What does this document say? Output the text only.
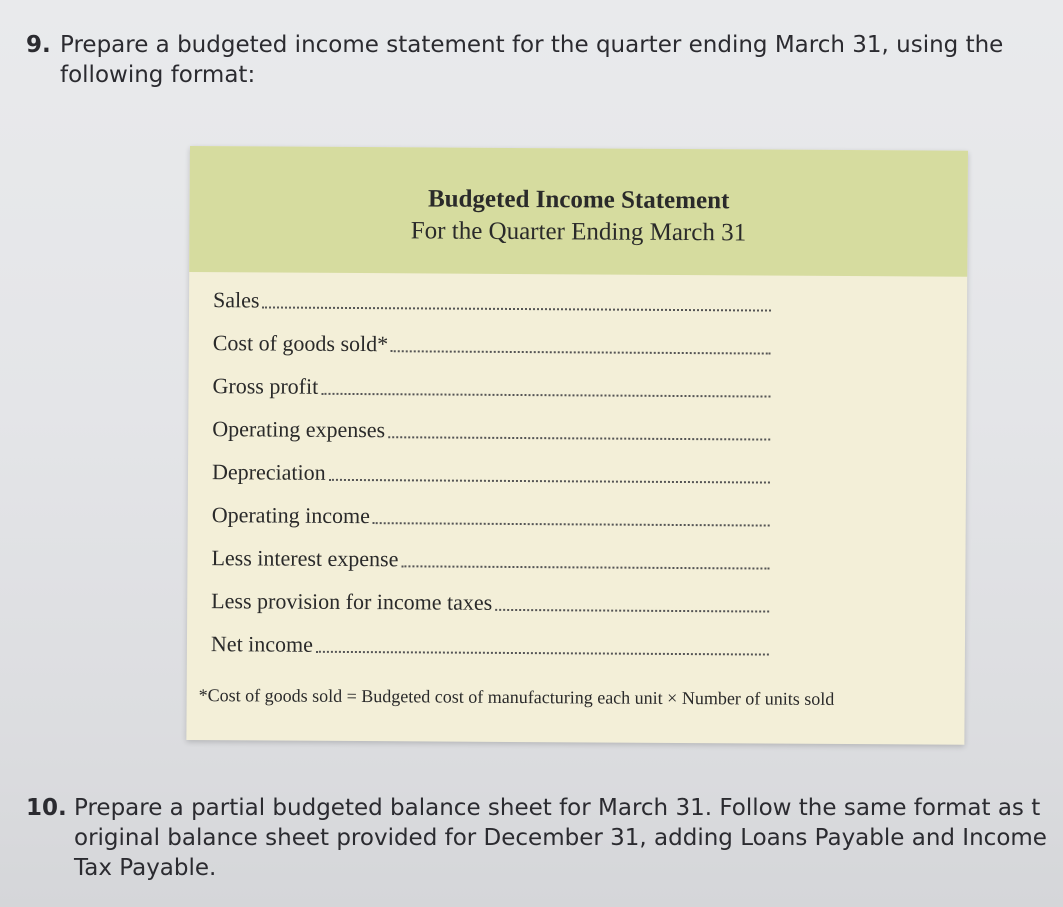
9. Prepare a budgeted income statement for the quarter ending March 31, using the
following format:
Budgeted Income Statement
For the Quarter Ending March 31
Sales
Cost of goods sold*
Gross profit
Operating expenses
Depreciation
Operating income
Less interest expense
Less provision for income taxes
Net income
*Cost of goods sold = Budgeted cost of manufacturing each unit × Number of units sold
10. Prepare a partial budgeted balance sheet for March 31. Follow the same format as t
original balance sheet provided for December 31, adding Loans Payable and Income
Tax Payable.
